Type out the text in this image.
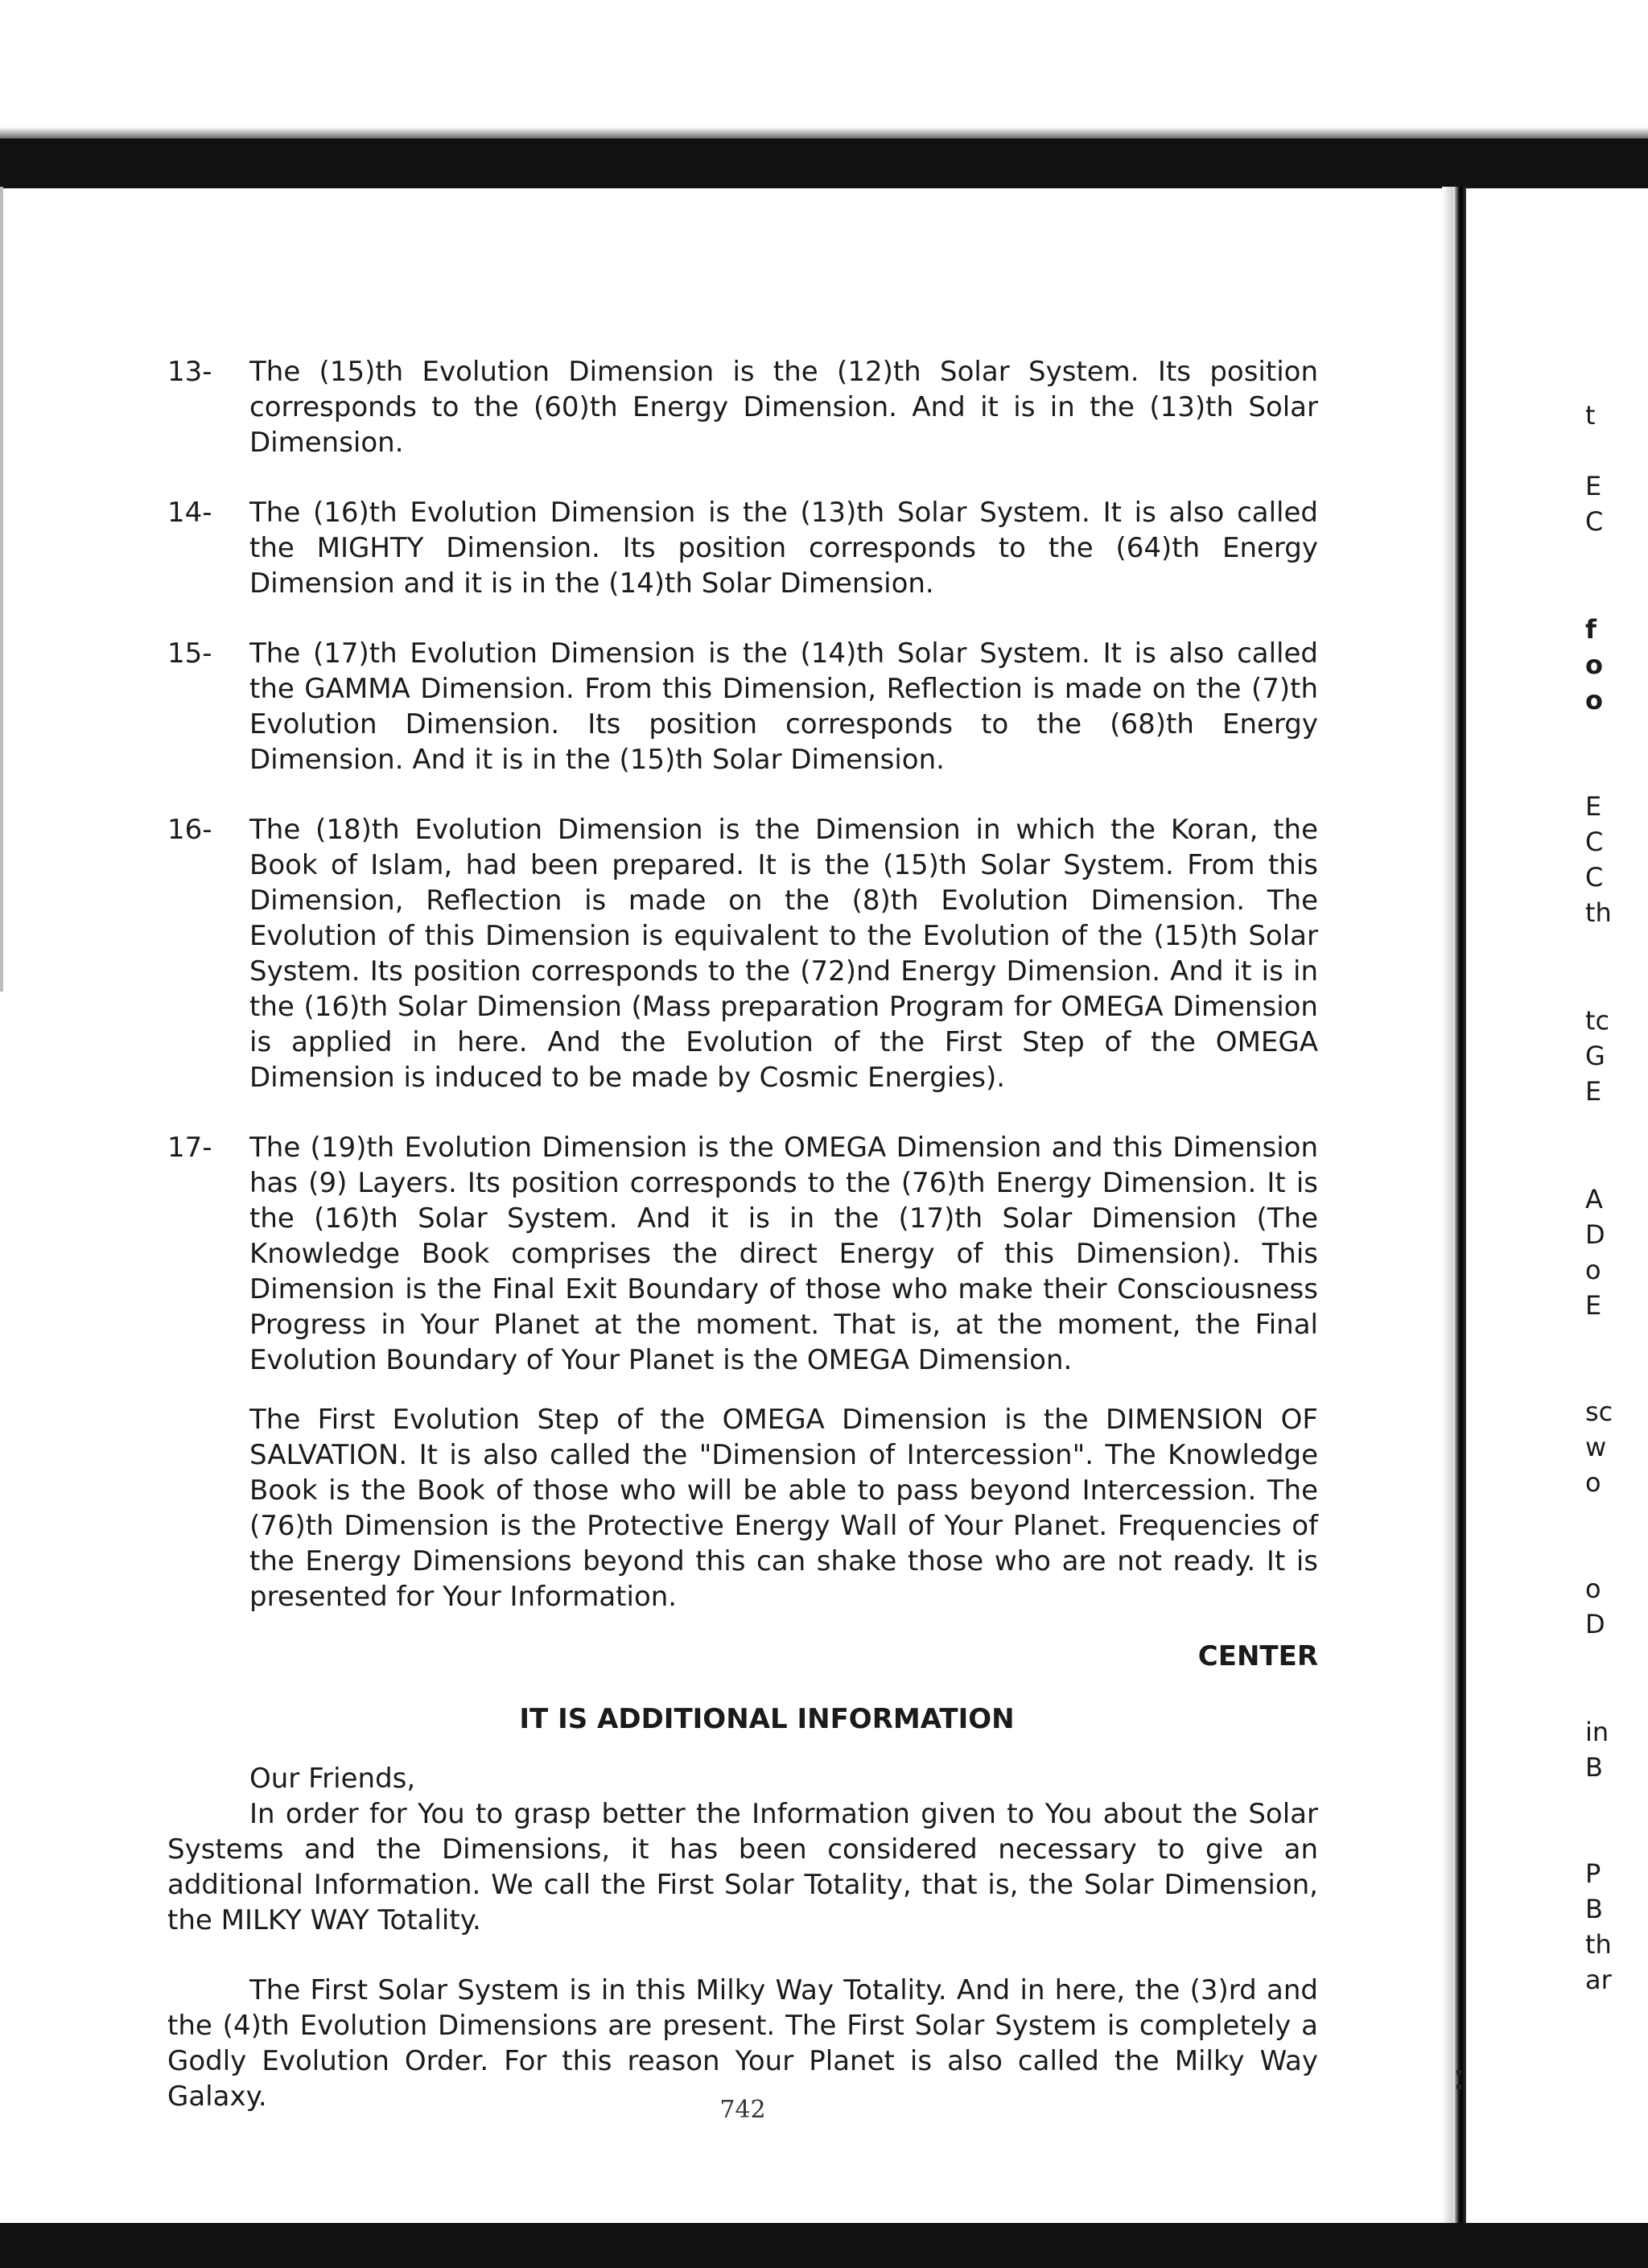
13- The (15)th Evolution Dimension is the (12)th Solar System. Its position corresponds to the (60)th Energy Dimension. And it is in the (13)th Solar Dimension.

14- The (16)th Evolution Dimension is the (13)th Solar System. It is also called the MIGHTY Dimension. Its position corresponds to the (64)th Energy Dimension and it is in the (14)th Solar Dimension.

15- The (17)th Evolution Dimension is the (14)th Solar System. It is also called the GAMMA Dimension. From this Dimension, Reflection is made on the (7)th Evolution Dimension. Its position corresponds to the (68)th Energy Dimension. And it is in the (15)th Solar Dimension.

16- The (18)th Evolution Dimension is the Dimension in which the Koran, the Book of Islam, had been prepared. It is the (15)th Solar System. From this Dimension, Reflection is made on the (8)th Evolution Dimension. The Evolution of this Dimension is equivalent to the Evolution of the (15)th Solar System. Its position corresponds to the (72)nd Energy Dimension. And it is in the (16)th Solar Dimension (Mass preparation Program for OMEGA Dimension is applied in here. And the Evolution of the First Step of the OMEGA Dimension is induced to be made by Cosmic Energies).

17- The (19)th Evolution Dimension is the OMEGA Dimension and this Dimension has (9) Layers. Its position corresponds to the (76)th Energy Dimension. It is the (16)th Solar System. And it is in the (17)th Solar Dimension (The Knowledge Book comprises the direct Energy of this Dimension). This Dimension is the Final Exit Boundary of those who make their Consciousness Progress in Your Planet at the moment. That is, at the moment, the Final Evolution Boundary of Your Planet is the OMEGA Dimension.

The First Evolution Step of the OMEGA Dimension is the DIMENSION OF SALVATION. It is also called the "Dimension of Intercession". The Knowledge Book is the Book of those who will be able to pass beyond Intercession. The (76)th Dimension is the Protective Energy Wall of Your Planet. Frequencies of the Energy Dimensions beyond this can shake those who are not ready. It is presented for Your Information.

CENTER
IT IS ADDITIONAL INFORMATION

Our Friends,

In order for You to grasp better the Information given to You about the Solar Systems and the Dimensions, it has been considered necessary to give an additional Information. We call the First Solar Totality, that is, the Solar Dimension, the MILKY WAY Totality.

The First Solar System is in this Milky Way Totality. And in here, the (3)rd and the (4)th Evolution Dimensions are present. The First Solar System is completely a Godly Evolution Order. For this reason Your Planet is also called the Milky Way Galaxy.	742
t
E
C
f
o
o
E
C
C
th
tc
G
E
A
D
o
E
sc
w
o
o
D
in
B
P
B
th
ar
